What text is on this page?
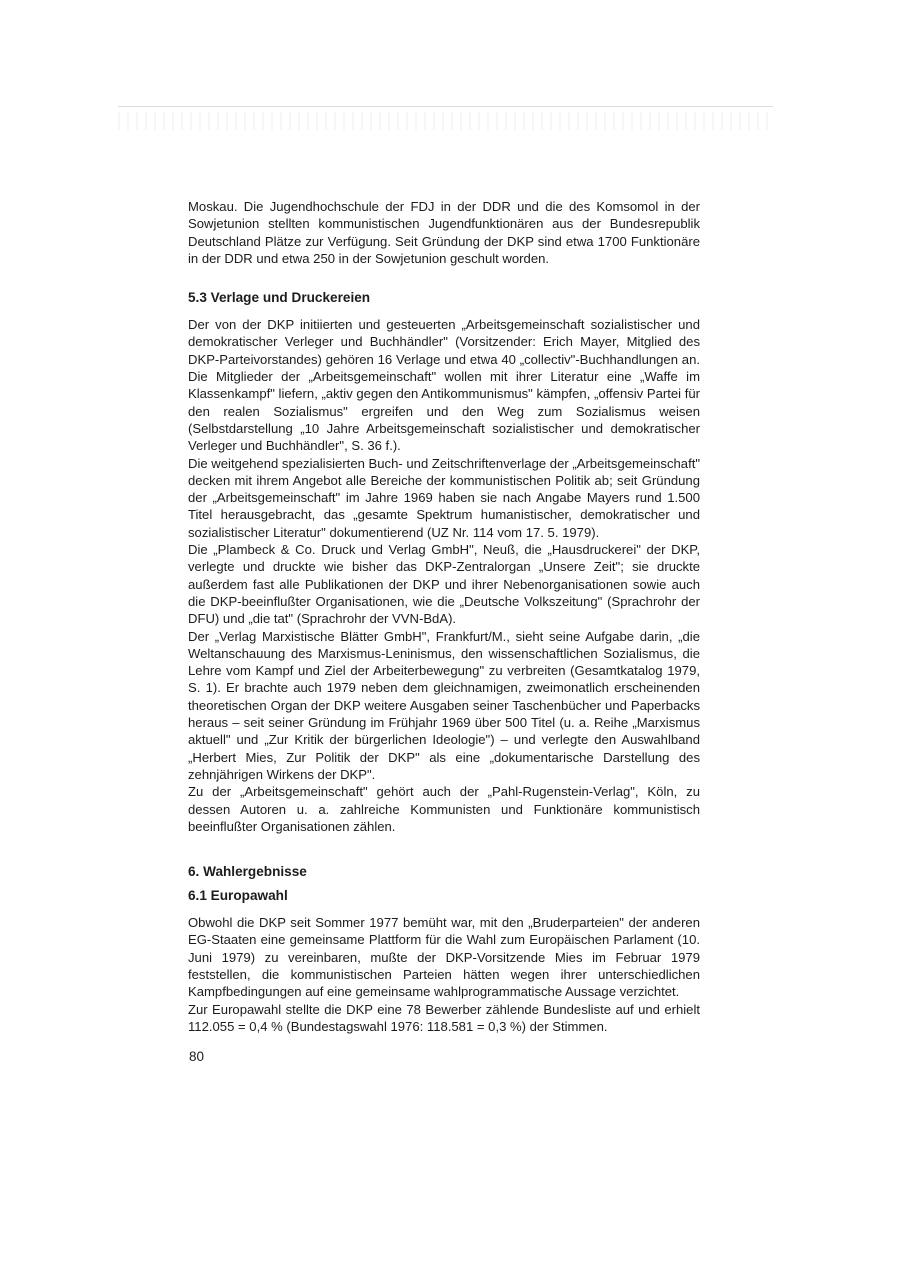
Moskau. Die Jugendhochschule der FDJ in der DDR und die des Komsomol in der Sowjetunion stellten kommunistischen Jugendfunktionären aus der Bundesrepublik Deutschland Plätze zur Verfügung. Seit Gründung der DKP sind etwa 1700 Funktionäre in der DDR und etwa 250 in der Sowjetunion geschult worden.

5.3 Verlage und Druckereien

Der von der DKP initiierten und gesteuerten „Arbeitsgemeinschaft sozialistischer und demokratischer Verleger und Buchhändler" (Vorsitzender: Erich Mayer, Mitglied des DKP-Parteivorstandes) gehören 16 Verlage und etwa 40 „collectiv"-Buchhandlungen an. Die Mitglieder der „Arbeitsgemeinschaft" wollen mit ihrer Literatur eine „Waffe im Klassenkampf" liefern, „aktiv gegen den Antikommunismus" kämpfen, „offensiv Partei für den realen Sozialismus" ergreifen und den Weg zum Sozialismus weisen (Selbstdarstellung „10 Jahre Arbeitsgemeinschaft sozialistischer und demokratischer Verleger und Buchhändler", S. 36 f.).

Die weitgehend spezialisierten Buch- und Zeitschriftenverlage der „Arbeitsgemeinschaft" decken mit ihrem Angebot alle Bereiche der kommunistischen Politik ab; seit Gründung der „Arbeitsgemeinschaft" im Jahre 1969 haben sie nach Angabe Mayers rund 1.500 Titel herausgebracht, das „gesamte Spektrum humanistischer, demokratischer und sozialistischer Literatur" dokumentierend (UZ Nr. 114 vom 17. 5. 1979).

Die „Plambeck & Co. Druck und Verlag GmbH", Neuß, die „Hausdruckerei" der DKP, verlegte und druckte wie bisher das DKP-Zentralorgan „Unsere Zeit"; sie druckte außerdem fast alle Publikationen der DKP und ihrer Nebenorganisationen sowie auch die DKP-beeinflußter Organisationen, wie die „Deutsche Volkszeitung" (Sprachrohr der DFU) und „die tat" (Sprachrohr der VVN-BdA).

Der „Verlag Marxistische Blätter GmbH", Frankfurt/M., sieht seine Aufgabe darin, „die Weltanschauung des Marxismus-Leninismus, den wissenschaftlichen Sozialismus, die Lehre vom Kampf und Ziel der Arbeiterbewegung" zu verbreiten (Gesamtkatalog 1979, S. 1). Er brachte auch 1979 neben dem gleichnamigen, zweimonatlich erscheinenden theoretischen Organ der DKP weitere Ausgaben seiner Taschenbücher und Paperbacks heraus – seit seiner Gründung im Frühjahr 1969 über 500 Titel (u. a. Reihe „Marxismus aktuell" und „Zur Kritik der bürgerlichen Ideologie") – und verlegte den Auswahlband „Herbert Mies, Zur Politik der DKP" als eine „dokumentarische Darstellung des zehnjährigen Wirkens der DKP".

Zu der „Arbeitsgemeinschaft" gehört auch der „Pahl-Rugenstein-Verlag", Köln, zu dessen Autoren u. a. zahlreiche Kommunisten und Funktionäre kommunistisch beeinflußter Organisationen zählen.

6. Wahlergebnisse
6.1 Europawahl

Obwohl die DKP seit Sommer 1977 bemüht war, mit den „Bruderparteien" der anderen EG-Staaten eine gemeinsame Plattform für die Wahl zum Europäischen Parlament (10. Juni 1979) zu vereinbaren, mußte der DKP-Vorsitzende Mies im Februar 1979 feststellen, die kommunistischen Parteien hätten wegen ihrer unterschiedlichen Kampfbedingungen auf eine gemeinsame wahlprogrammatische Aussage verzichtet.

Zur Europawahl stellte die DKP eine 78 Bewerber zählende Bundesliste auf und erhielt 112.055 = 0,4 % (Bundestagswahl 1976: 118.581 = 0,3 %) der Stimmen.

80
